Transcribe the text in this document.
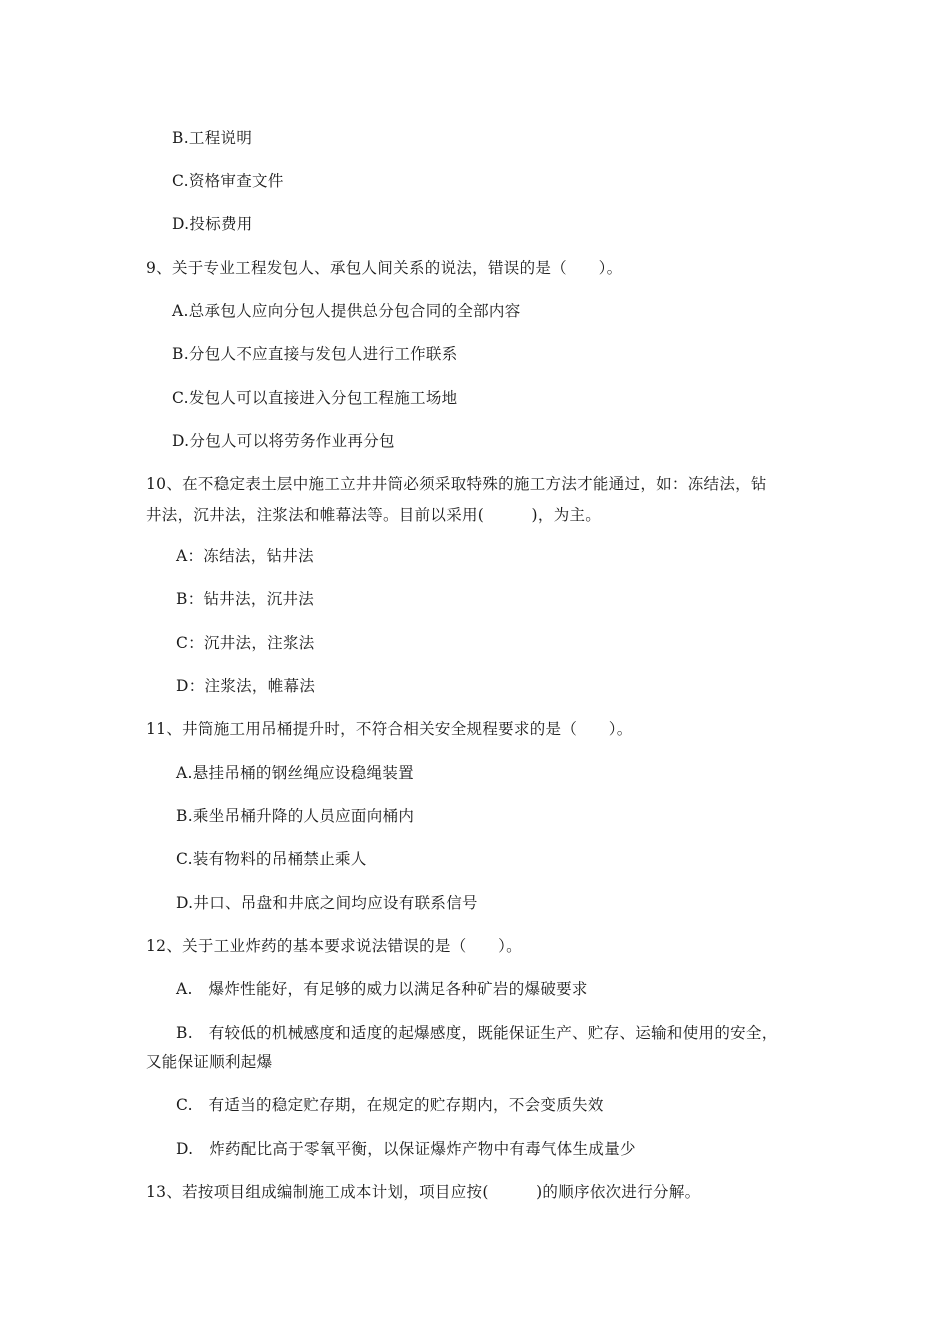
B.工程说明
C.资格审查文件
D.投标费用
9、关于专业工程发包人、承包人间关系的说法，错误的是（　　）。
A.总承包人应向分包人提供总分包合同的全部内容
B.分包人不应直接与发包人进行工作联系
C.发包人可以直接进入分包工程施工场地
D.分包人可以将劳务作业再分包
10、在不稳定表土层中施工立井井筒必须采取特殊的施工方法才能通过，如：冻结法，钻
井法，沉井法，注浆法和帷幕法等。目前以采用(　　　)，为主。
A：冻结法，钻井法
B：钻井法，沉井法
C：沉井法，注浆法
D：注浆法，帷幕法
11、井筒施工用吊桶提升时，不符合相关安全规程要求的是（　　）。
A.悬挂吊桶的钢丝绳应设稳绳装置
B.乘坐吊桶升降的人员应面向桶内
C.装有物料的吊桶禁止乘人
D.井口、吊盘和井底之间均应设有联系信号
12、关于工业炸药的基本要求说法错误的是（　　）。
A.　爆炸性能好，有足够的威力以满足各种矿岩的爆破要求
B.　有较低的机械感度和适度的起爆感度，既能保证生产、贮存、运输和使用的安全，
又能保证顺利起爆
C.　有适当的稳定贮存期，在规定的贮存期内，不会变质失效
D.　炸药配比高于零氧平衡，以保证爆炸产物中有毒气体生成量少
13、若按项目组成编制施工成本计划，项目应按(　　　)的顺序依次进行分解。
